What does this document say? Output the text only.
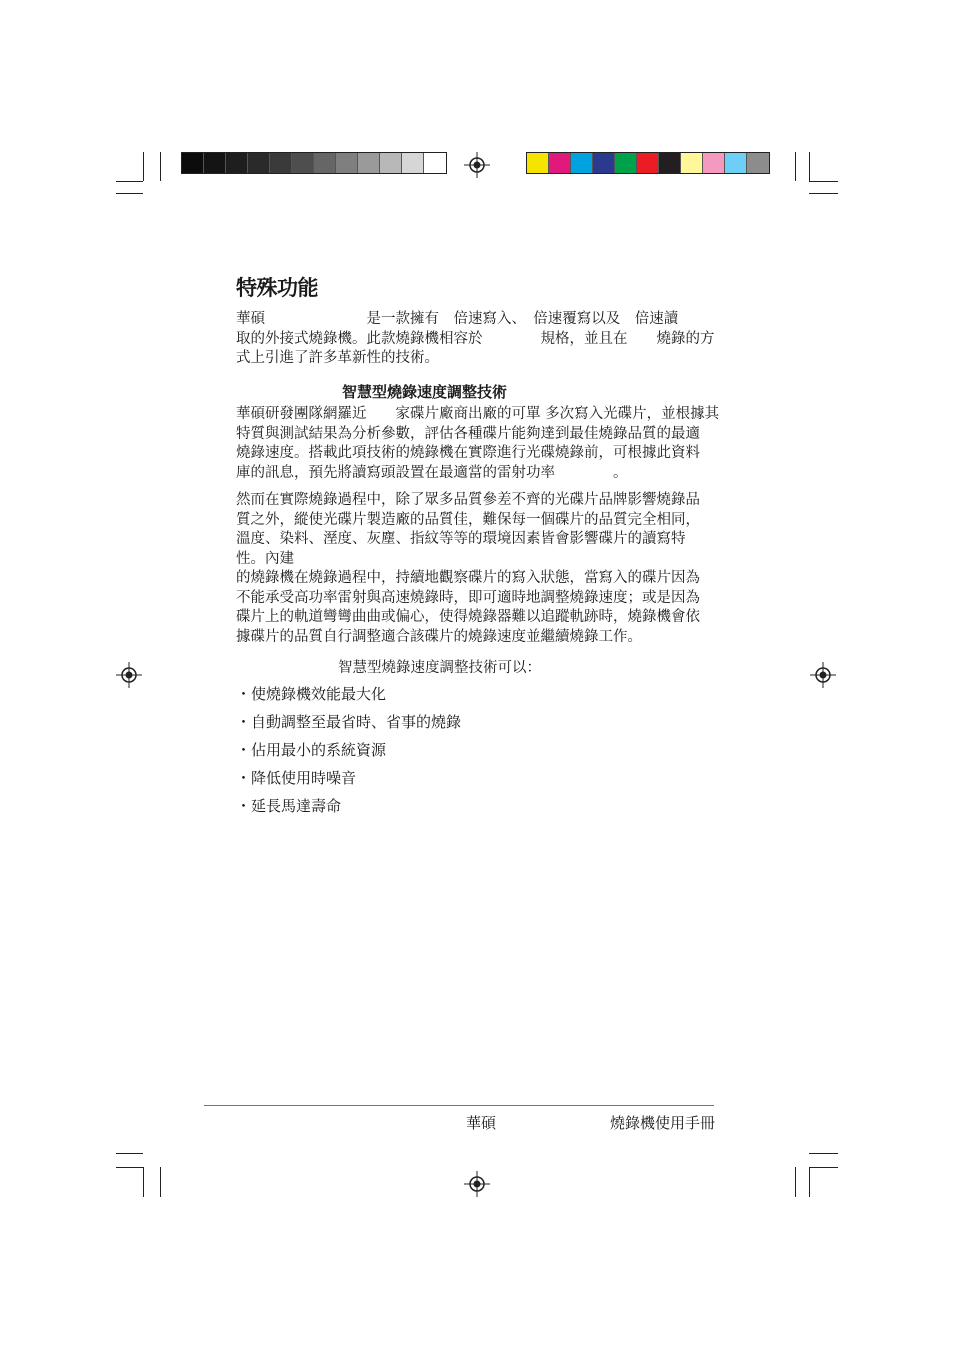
特殊功能
華碩　　　　　　　是一款擁有　倍速寫入、　倍速覆寫以及　倍速讀
取的外接式燒錄機。此款燒錄機相容於　　　　規格，並且在　　燒錄的方
式上引進了許多革新性的技術。
智慧型燒錄速度調整技術
華碩研發團隊網羅近　　家碟片廠商出廠的可單 多次寫入光碟片，並根據其
特質與測試結果為分析參數，評估各種碟片能夠達到最佳燒錄品質的最適
燒錄速度。搭載此項技術的燒錄機在實際進行光碟燒錄前，可根據此資料
庫的訊息，預先將讀寫頭設置在最適當的雷射功率　　　　。
然而在實際燒錄過程中，除了眾多品質參差不齊的光碟片品牌影響燒錄品
質之外，縱使光碟片製造廠的品質佳，難保每一個碟片的品質完全相同，
溫度、染料、溼度、灰塵、指紋等等的環境因素皆會影響碟片的讀寫特
性。內建
的燒錄機在燒錄過程中，持續地觀察碟片的寫入狀態，當寫入的碟片因為
不能承受高功率雷射與高速燒錄時，即可適時地調整燒錄速度；或是因為
碟片上的軌道彎彎曲曲或偏心，使得燒錄器難以追蹤軌跡時，燒錄機會依
據碟片的品質自行調整適合該碟片的燒錄速度並繼續燒錄工作。
智慧型燒錄速度調整技術可以：
・使燒錄機效能最大化
・自動調整至最省時、省事的燒錄
・佔用最小的系統資源
・降低使用時噪音
・延長馬達壽命
華碩	燒錄機使用手冊
